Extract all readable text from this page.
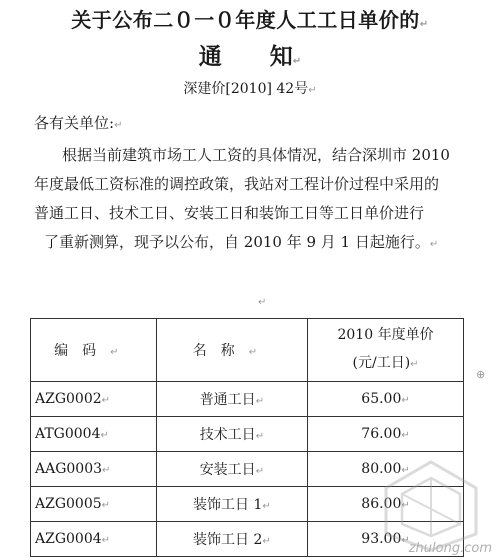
关于公布二０一０年度人工工日单价的↵
通 知↵
深建价[2010] 42号↵
各有关单位:↵
根据当前建筑市场工人工资的具体情况，结合深圳市 2010
年度最低工资标准的调控政策，我站对工程计价过程中采用的
普通工日、技术工日、安装工日和装饰工日等工日单价进行
了重新测算，现予以公布，自 2010 年 9 月 1 日起施行。↵
↵
编码↵	名称↵	2010 年度单价
(元/工日)↵

AZG0002↵	普通工日↵	65.00↵
ATG0004↵	技术工日↵	76.00↵
AAG0003↵	安装工日↵	80.00↵
AZG0005↵	装饰工日 1↵	86.00↵
AZG0004↵	装饰工日 2↵	93.00↵
zhulong.com
⊕
